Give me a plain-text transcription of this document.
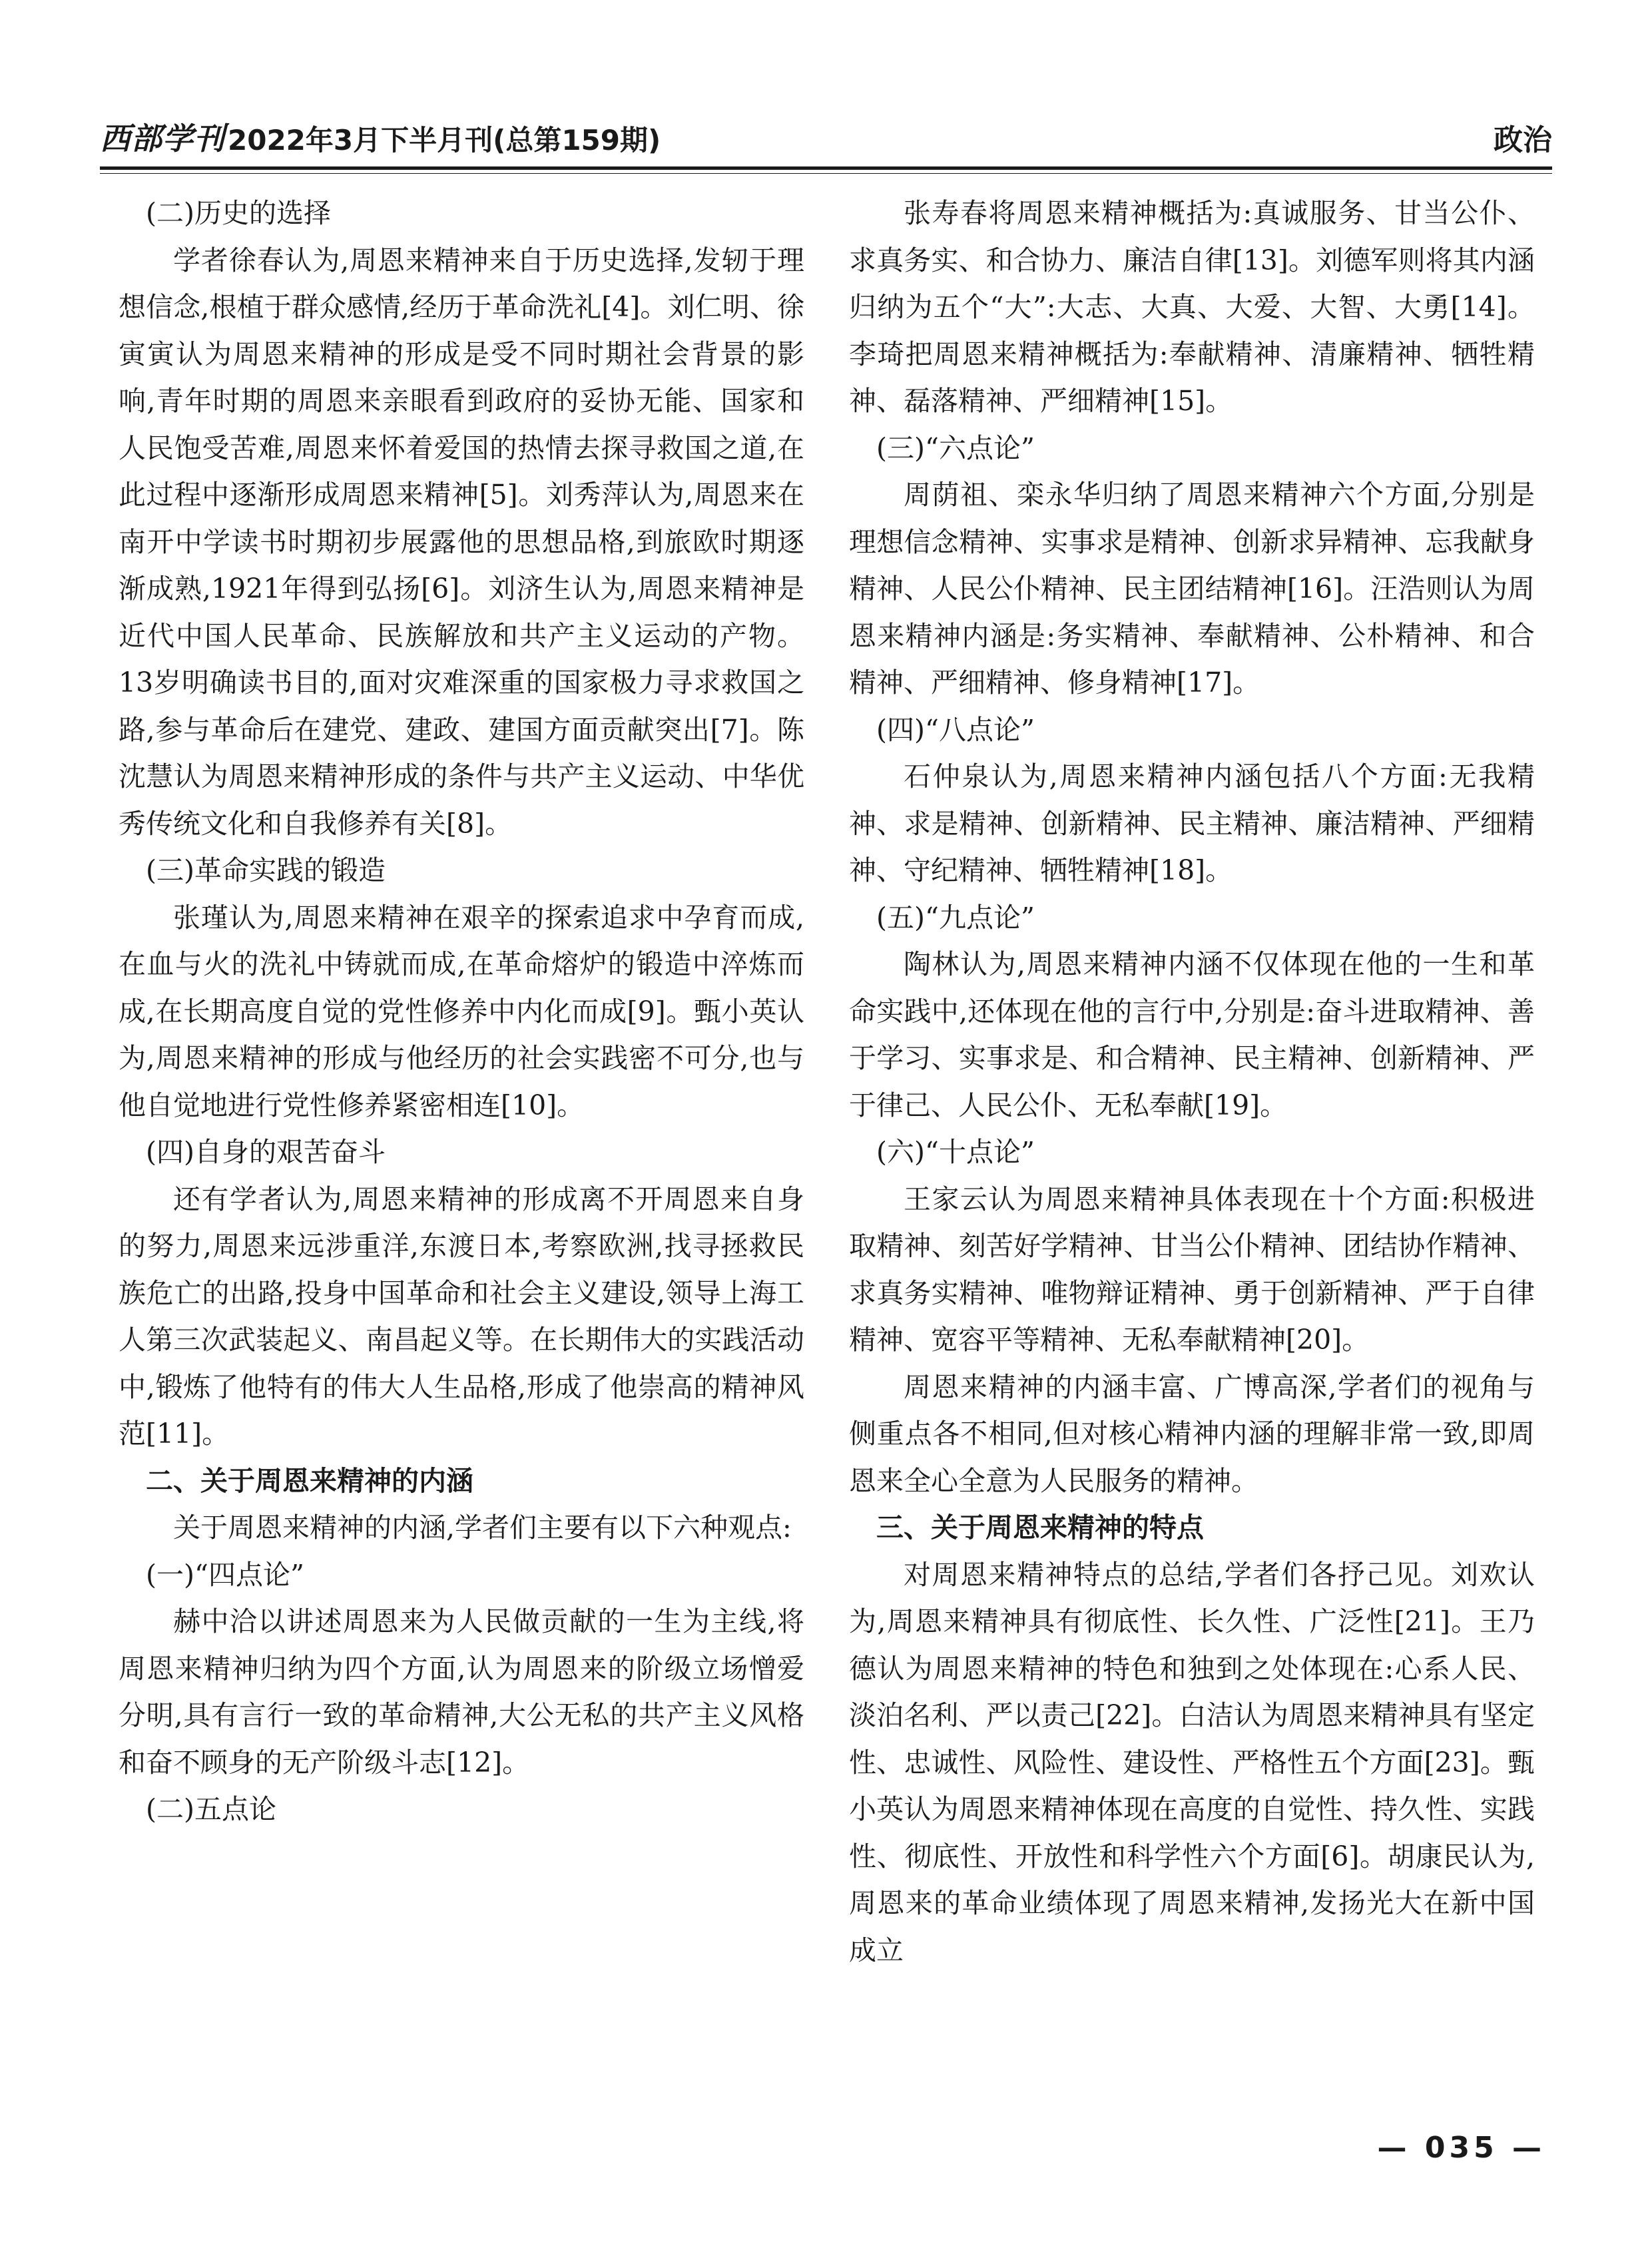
西部学刊 2022年3月下半月刊(总第159期)	政治

(二)历史的选择

学者徐春认为,周恩来精神来自于历史选择,发轫于理想信念,根植于群众感情,经历于革命洗礼[4]。刘仁明、徐寅寅认为周恩来精神的形成是受不同时期社会背景的影响,青年时期的周恩来亲眼看到政府的妥协无能、国家和人民饱受苦难,周恩来怀着爱国的热情去探寻救国之道,在此过程中逐渐形成周恩来精神[5]。刘秀萍认为,周恩来在南开中学读书时期初步展露他的思想品格,到旅欧时期逐渐成熟,1921年得到弘扬[6]。刘济生认为,周恩来精神是近代中国人民革命、民族解放和共产主义运动的产物。13岁明确读书目的,面对灾难深重的国家极力寻求救国之路,参与革命后在建党、建政、建国方面贡献突出[7]。陈沈慧认为周恩来精神形成的条件与共产主义运动、中华优秀传统文化和自我修养有关[8]。

(三)革命实践的锻造

张瑾认为,周恩来精神在艰辛的探索追求中孕育而成,在血与火的洗礼中铸就而成,在革命熔炉的锻造中淬炼而成,在长期高度自觉的党性修养中内化而成[9]。甄小英认为,周恩来精神的形成与他经历的社会实践密不可分,也与他自觉地进行党性修养紧密相连[10]。

(四)自身的艰苦奋斗

还有学者认为,周恩来精神的形成离不开周恩来自身的努力,周恩来远涉重洋,东渡日本,考察欧洲,找寻拯救民族危亡的出路,投身中国革命和社会主义建设,领导上海工人第三次武装起义、南昌起义等。在长期伟大的实践活动中,锻炼了他特有的伟大人生品格,形成了他崇高的精神风范[11]。

二、关于周恩来精神的内涵

关于周恩来精神的内涵,学者们主要有以下六种观点:

(一)“四点论”

赫中洽以讲述周恩来为人民做贡献的一生为主线,将周恩来精神归纳为四个方面,认为周恩来的阶级立场憎爱分明,具有言行一致的革命精神,大公无私的共产主义风格和奋不顾身的无产阶级斗志[12]。

(二)五点论

张寿春将周恩来精神概括为:真诚服务、甘当公仆、求真务实、和合协力、廉洁自律[13]。刘德军则将其内涵归纳为五个“大”:大志、大真、大爱、大智、大勇[14]。李琦把周恩来精神概括为:奉献精神、清廉精神、牺牲精神、磊落精神、严细精神[15]。

(三)“六点论”

周荫祖、栾永华归纳了周恩来精神六个方面,分别是理想信念精神、实事求是精神、创新求异精神、忘我献身精神、人民公仆精神、民主团结精神[16]。汪浩则认为周恩来精神内涵是:务实精神、奉献精神、公朴精神、和合精神、严细精神、修身精神[17]。

(四)“八点论”

石仲泉认为,周恩来精神内涵包括八个方面:无我精神、求是精神、创新精神、民主精神、廉洁精神、严细精神、守纪精神、牺牲精神[18]。

(五)“九点论”

陶林认为,周恩来精神内涵不仅体现在他的一生和革命实践中,还体现在他的言行中,分别是:奋斗进取精神、善于学习、实事求是、和合精神、民主精神、创新精神、严于律己、人民公仆、无私奉献[19]。

(六)“十点论”

王家云认为周恩来精神具体表现在十个方面:积极进取精神、刻苦好学精神、甘当公仆精神、团结协作精神、求真务实精神、唯物辩证精神、勇于创新精神、严于自律精神、宽容平等精神、无私奉献精神[20]。

周恩来精神的内涵丰富、广博高深,学者们的视角与侧重点各不相同,但对核心精神内涵的理解非常一致,即周恩来全心全意为人民服务的精神。

三、关于周恩来精神的特点

对周恩来精神特点的总结,学者们各抒己见。刘欢认为,周恩来精神具有彻底性、长久性、广泛性[21]。王乃德认为周恩来精神的特色和独到之处体现在:心系人民、淡泊名利、严以责己[22]。白洁认为周恩来精神具有坚定性、忠诚性、风险性、建设性、严格性五个方面[23]。甄小英认为周恩来精神体现在高度的自觉性、持久性、实践性、彻底性、开放性和科学性六个方面[6]。胡康民认为,周恩来的革命业绩体现了周恩来精神,发扬光大在新中国成立

— 035 —
